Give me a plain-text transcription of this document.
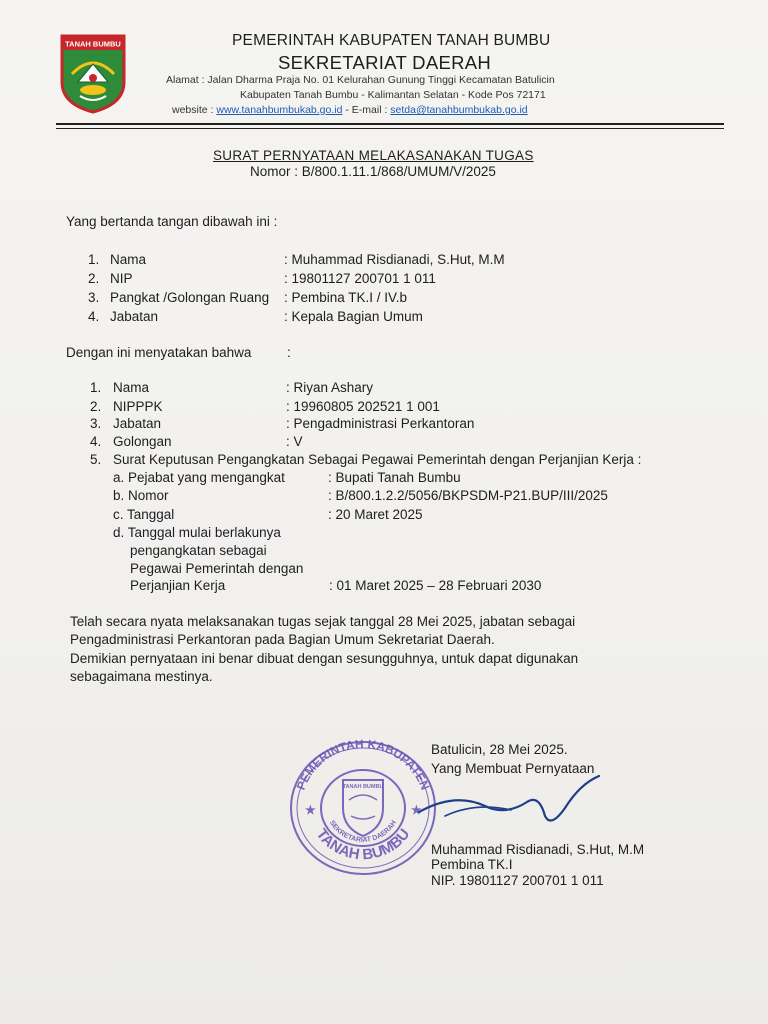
TANAH BUMBU	PEMERINTAH KABUPATEN TANAH BUMBU
SEKRETARIAT DAERAH
Alamat : Jalan Dharma Praja No. 01 Kelurahan Gunung Tinggi Kecamatan Batulicin
Kabupaten Tanah Bumbu - Kalimantan Selatan - Kode Pos 72171
website : www.tanahbumbukab.go.id - E-mail : setda@tanahbumbukab.go.id
SURAT PERNYATAAN MELAKASANAKAN TUGAS
Nomor : B/800.1.11.1/868/UMUM/V/2025
Yang bertanda tangan dibawah ini :
1. Nama	: Muhammad Risdianadi, S.Hut, M.M
2. NIP	: 19801127 200701 1 011
3. Pangkat /Golongan Ruang : Pembina TK.I / IV.b
4. Jabatan	: Kepala Bagian Umum
Dengan ini menyatakan bahwa	:
1. Nama	: Riyan Ashary
2. NIPPPK	: 19960805 202521 1 001
3. Jabatan	: Pengadministrasi Perkantoran
4. Golongan	: V
5. Surat Keputusan Pengangkatan Sebagai Pegawai Pemerintah dengan Perjanjian Kerja :
a. Pejabat yang mengangkat	: Bupati Tanah Bumbu
b. Nomor	: B/800.1.2.2/5056/BKPSDM-P21.BUP/III/2025
c. Tanggal	: 20 Maret 2025
d. Tanggal mulai berlakunya
pengangkatan sebagai
Pegawai Pemerintah dengan
Perjanjian Kerja	: 01 Maret 2025 – 28 Februari 2030
Telah secara nyata melaksanakan tugas sejak tanggal 28 Mei 2025, jabatan sebagai
Pengadministrasi Perkantoran pada Bagian Umum Sekretariat Daerah.
Demikian pernyataan ini benar dibuat dengan sesungguhnya, untuk dapat digunakan
sebagaimana mestinya.
PEMERINTAH KABUPATEN
TANAH BUMBU
SEKRETARIAT DAERAH
TANAH BUMBU
★	★
Batulicin, 28 Mei 2025.
Yang Membuat Pernyataan
Muhammad Risdianadi, S.Hut, M.M
Pembina TK.I
NIP. 19801127 200701 1 011
